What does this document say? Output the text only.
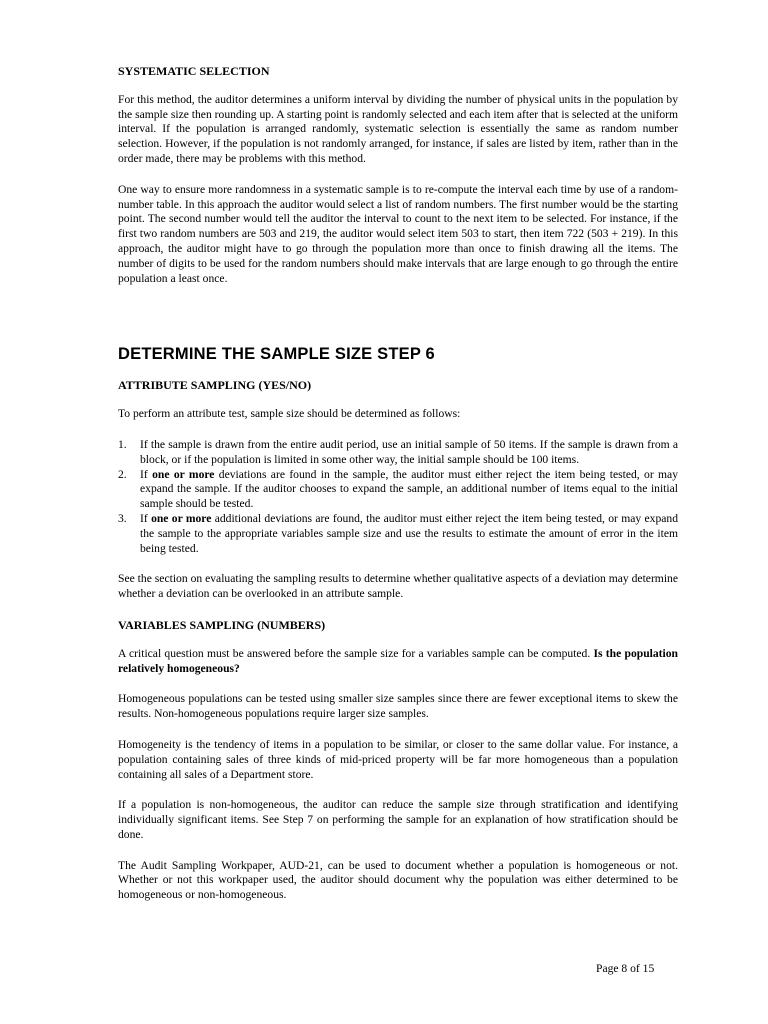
SYSTEMATIC SELECTION

For this method, the auditor determines a uniform interval by dividing the number of physical units in the population by the sample size then rounding up. A starting point is randomly selected and each item after that is selected at the uniform interval. If the population is arranged randomly, systematic selection is essentially the same as random number selection. However, if the population is not randomly arranged, for instance, if sales are listed by item, rather than in the order made, there may be problems with this method.

One way to ensure more randomness in a systematic sample is to re-compute the interval each time by use of a random-number table. In this approach the auditor would select a list of random numbers. The first number would be the starting point. The second number would tell the auditor the interval to count to the next item to be selected. For instance, if the first two random numbers are 503 and 219, the auditor would select item 503 to start, then item 722 (503 + 219). In this approach, the auditor might have to go through the population more than once to finish drawing all the items. The number of digits to be used for the random numbers should make intervals that are large enough to go through the entire population a least once.

DETERMINE THE SAMPLE SIZE STEP 6
ATTRIBUTE SAMPLING (YES/NO)

To perform an attribute test, sample size should be determined as follows:

1. If the sample is drawn from the entire audit period, use an initial sample of 50 items. If the sample is drawn from a block, or if the population is limited in some other way, the initial sample should be 100 items.
2. If one or more deviations are found in the sample, the auditor must either reject the item being tested, or may expand the sample. If the auditor chooses to expand the sample, an additional number of items equal to the initial sample should be tested.
3. If one or more additional deviations are found, the auditor must either reject the item being tested, or may expand the sample to the appropriate variables sample size and use the results to estimate the amount of error in the item being tested.

See the section on evaluating the sampling results to determine whether qualitative aspects of a deviation may determine whether a deviation can be overlooked in an attribute sample.

VARIABLES SAMPLING (NUMBERS)

A critical question must be answered before the sample size for a variables sample can be computed. Is the population relatively homogeneous?

Homogeneous populations can be tested using smaller size samples since there are fewer exceptional items to skew the results. Non-homogeneous populations require larger size samples.

Homogeneity is the tendency of items in a population to be similar, or closer to the same dollar value. For instance, a population containing sales of three kinds of mid-priced property will be far more homogeneous than a population containing all sales of a Department store.

If a population is non-homogeneous, the auditor can reduce the sample size through stratification and identifying individually significant items. See Step 7 on performing the sample for an explanation of how stratification should be done.

The Audit Sampling Workpaper, AUD-21, can be used to document whether a population is homogeneous or not. Whether or not this workpaper used, the auditor should document why the population was either determined to be homogeneous or non-homogeneous.

Page 8 of 15
